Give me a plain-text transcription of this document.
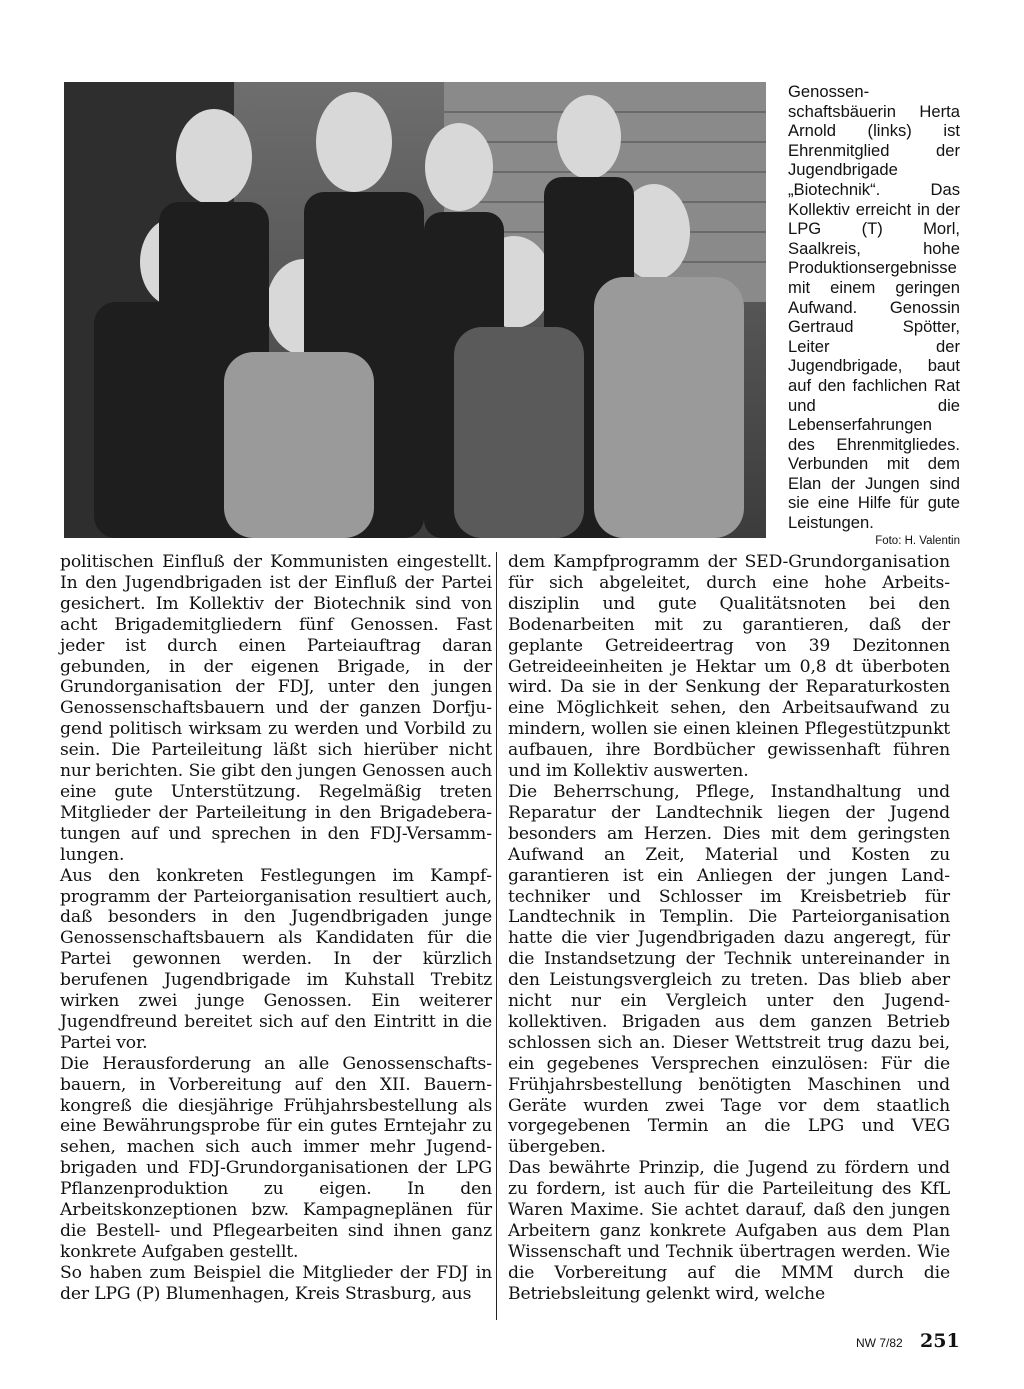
Genossenschaftsbäuerin Herta Arnold (links) ist Ehrenmitglied der Jugendbrigade „Biotechnik“. Das Kollektiv erreicht in der LPG (T) Morl, Saalkreis, hohe Produktionsergebnisse mit einem geringen Aufwand. Genossin Gertraud Spötter, Leiter der Jugendbrigade, baut auf den fachlichen Rat und die Lebenserfahrungen des Ehrenmitgliedes. Verbunden mit dem Elan der Jungen sind sie eine Hilfe für gute Leistungen.
Foto: H. Valentin

politischen Einfluß der Kommunisten eingestellt. In den Jugendbrigaden ist der Einfluß der Partei gesichert. Im Kollektiv der Biotechnik sind von acht Brigademitgliedern fünf Genossen. Fast jeder ist durch einen Parteiauftrag daran gebunden, in der eigenen Brigade, in der Grundorganisation der FDJ, unter den jungen Genossenschaftsbauern und der ganzen Dorfjugend politisch wirksam zu werden und Vorbild zu sein. Die Parteileitung läßt sich hierüber nicht nur berichten. Sie gibt den jungen Genossen auch eine gute Unterstützung. Regelmäßig treten Mitglieder der Parteileitung in den Brigadeberatungen auf und sprechen in den FDJ-Versammlungen.

Aus den konkreten Festlegungen im Kampfprogramm der Parteiorganisation resultiert auch, daß besonders in den Jugendbrigaden junge Genossenschaftsbauern als Kandidaten für die Partei gewonnen werden. In der kürzlich berufenen Jugendbrigade im Kuhstall Trebitz wirken zwei junge Genossen. Ein weiterer Jugendfreund bereitet sich auf den Eintritt in die Partei vor.

Die Herausforderung an alle Genossenschaftsbauern, in Vorbereitung auf den XII. Bauernkongreß die diesjährige Frühjahrsbestellung als eine Bewährungsprobe für ein gutes Erntejahr zu sehen, machen sich auch immer mehr Jugendbrigaden und FDJ-Grundorganisationen der LPG Pflanzenproduktion zu eigen. In den Arbeitskonzeptionen bzw. Kampagneplänen für die Bestell- und Pflegearbeiten sind ihnen ganz konkrete Aufgaben gestellt.

So haben zum Beispiel die Mitglieder der FDJ in der LPG (P) Blumenhagen, Kreis Strasburg, aus

dem Kampfprogramm der SED-Grundorganisation für sich abgeleitet, durch eine hohe Arbeitsdisziplin und gute Qualitätsnoten bei den Bodenarbeiten mit zu garantieren, daß der geplante Getreideertrag von 39 Dezitonnen Getreideeinheiten je Hektar um 0,8 dt überboten wird. Da sie in der Senkung der Reparaturkosten eine Möglichkeit sehen, den Arbeitsaufwand zu mindern, wollen sie einen kleinen Pflegestützpunkt aufbauen, ihre Bordbücher gewissenhaft führen und im Kollektiv auswerten.

Die Beherrschung, Pflege, Instandhaltung und Reparatur der Landtechnik liegen der Jugend besonders am Herzen. Dies mit dem geringsten Aufwand an Zeit, Material und Kosten zu garantieren ist ein Anliegen der jungen Landtechniker und Schlosser im Kreisbetrieb für Landtechnik in Templin. Die Parteiorganisation hatte die vier Jugendbrigaden dazu angeregt, für die Instandsetzung der Technik untereinander in den Leistungsvergleich zu treten. Das blieb aber nicht nur ein Vergleich unter den Jugendkollektiven. Brigaden aus dem ganzen Betrieb schlossen sich an. Dieser Wettstreit trug dazu bei, ein gegebenes Versprechen einzulösen: Für die Frühjahrsbestellung benötigten Maschinen und Geräte wurden zwei Tage vor dem staatlich vorgegebenen Termin an die LPG und VEG übergeben.

Das bewährte Prinzip, die Jugend zu fördern und zu fordern, ist auch für die Parteileitung des KfL Waren Maxime. Sie achtet darauf, daß den jungen Arbeitern ganz konkrete Aufgaben aus dem Plan Wissenschaft und Technik übertragen werden. Wie die Vorbereitung auf die MMM durch die Betriebsleitung gelenkt wird, welche

NW 7/82 251
